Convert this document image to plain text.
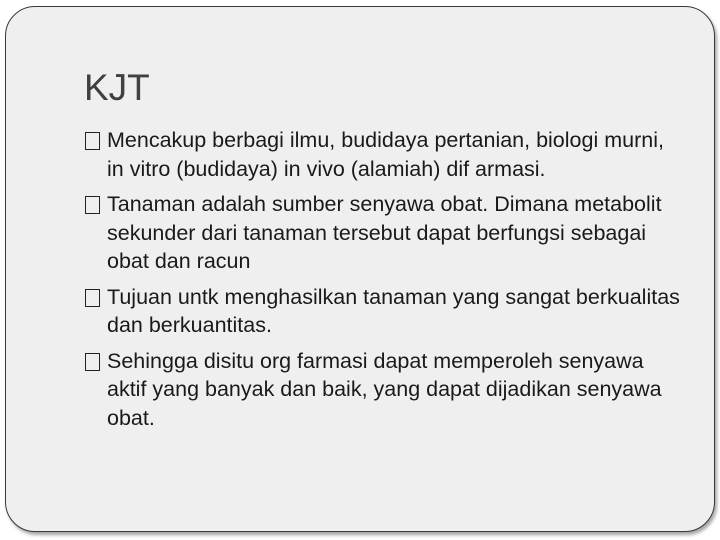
KJT
Mencakup berbagi ilmu, budidaya pertanian, biologi murni, in vitro (budidaya) in vivo (alamiah) dif armasi.
Tanaman adalah sumber senyawa obat. Dimana metabolit sekunder dari tanaman tersebut dapat berfungsi sebagai obat dan racun
Tujuan untk menghasilkan tanaman yang sangat berkualitas dan berkuantitas.
Sehingga disitu org farmasi dapat memperoleh senyawa aktif yang banyak dan baik, yang dapat dijadikan senyawa obat.
